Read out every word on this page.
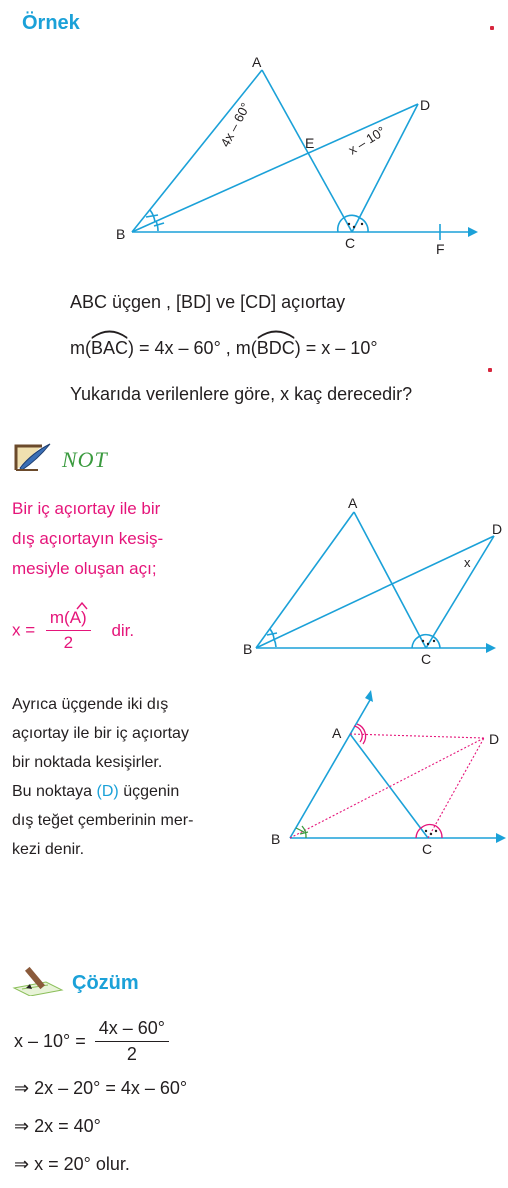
Örnek
A
B
C
D
E
F
4x – 60°	x – 10°
ABC üçgen , [BD] ve [CD] açıortay
m(
BAC) = 4x – 60° , m(
BDC) = x – 10°
Yukarıda verilenlere göre, x kaç derecedir?
NOT
Bir iç açıortay ile bir
dış açıortayın kesiş-
mesiyle oluşan açı;
$x = \frac{m(A)}{2}$ dir.
A
B
C
D
x
Ayrıca üçgende iki dış
açıortay ile bir iç açıortay
bir noktada kesişirler.
Bu noktaya (D) üçgenin
dış teğet çemberinin mer-
kezi denir.
A
B
C
D
Çözüm
$x - 10^\circ = \frac{4x - 60^\circ}{2}$
⇒ 2x – 20° = 4x – 60°
⇒ 2x = 40°
⇒ x = 20° olur.
